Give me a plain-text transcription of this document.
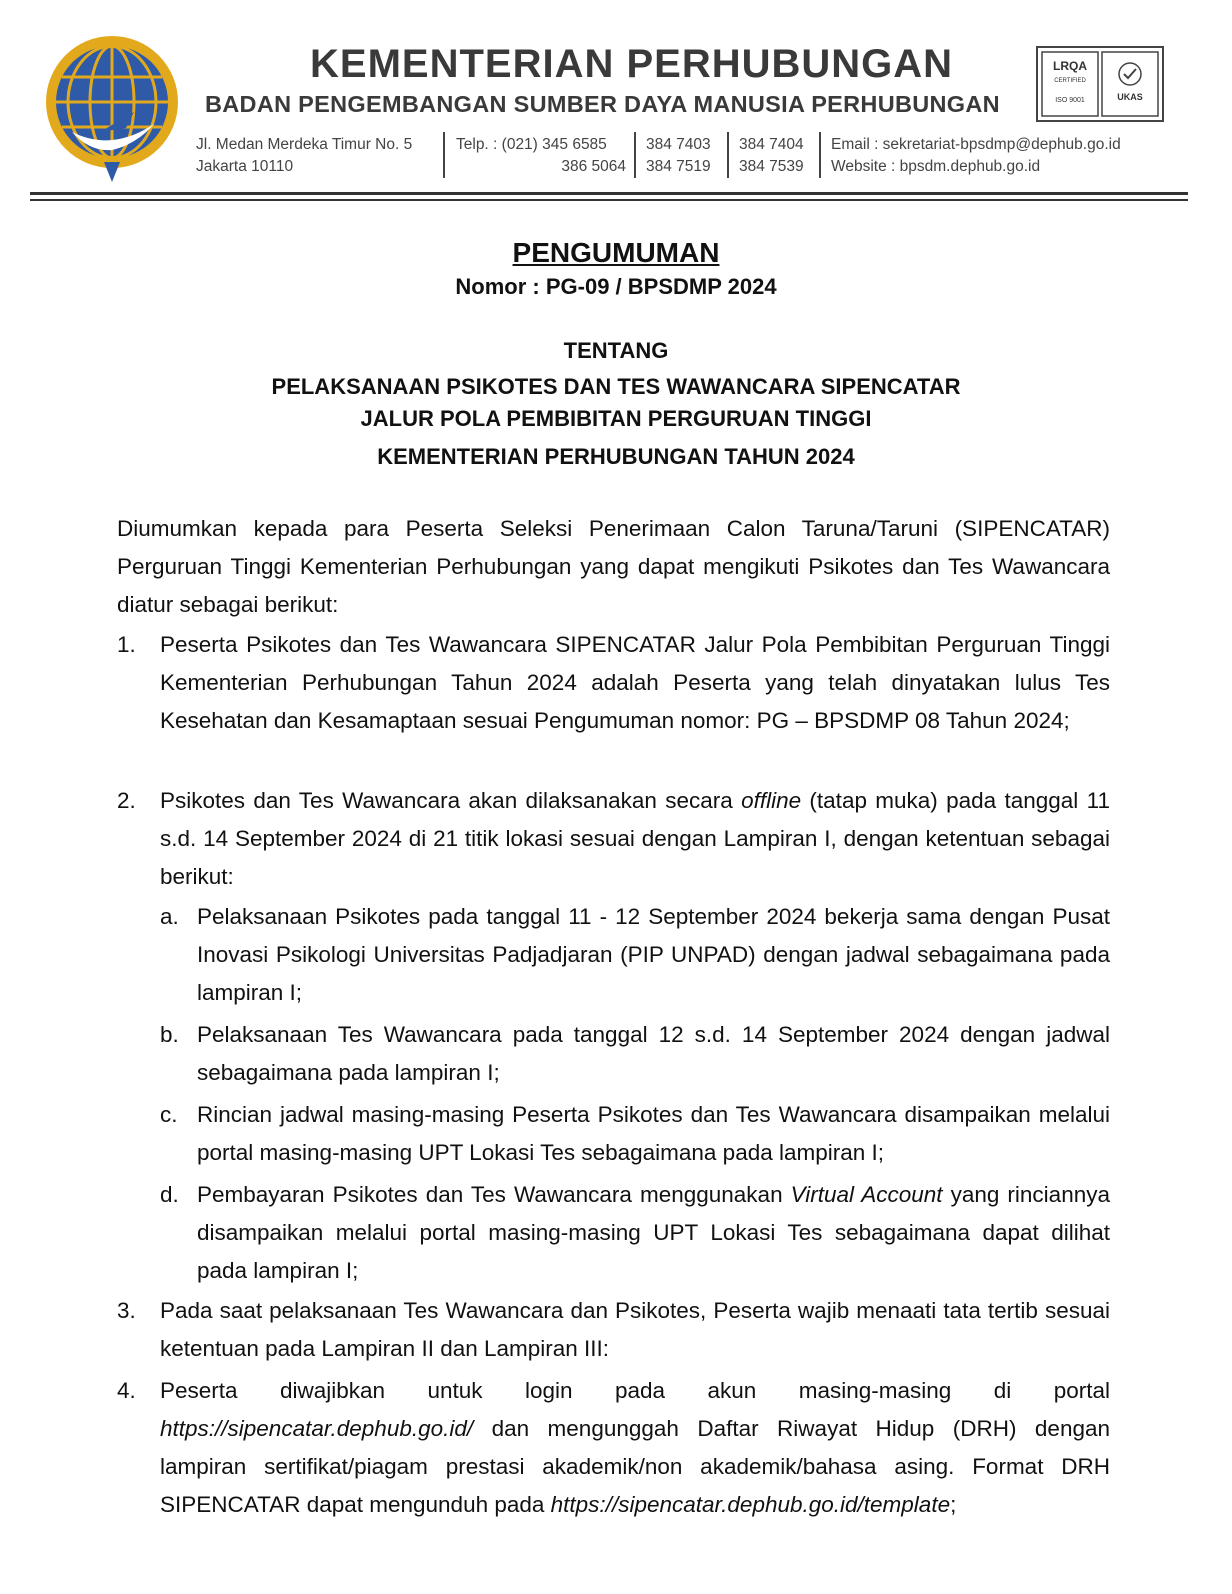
KEMENTERIAN PERHUBUNGAN
BADAN PENGEMBANGAN SUMBER DAYA MANUSIA PERHUBUNGAN
LRQA
CERTIFIED
ISO 9001	UKAS
Jl. Medan Merdeka Timur No. 5
Jakarta 10110
Telp. : (021) 345 6585
386 5064
384 7403
384 7519
384 7404
384 7539
Email : sekretariat-bpsdmp@dephub.go.id
Website : bpsdm.dephub.go.id
PENGUMUMAN
Nomor : PG-09 / BPSDMP 2024
TENTANG
PELAKSANAAN PSIKOTES DAN TES WAWANCARA SIPENCATAR
JALUR POLA PEMBIBITAN PERGURUAN TINGGI
KEMENTERIAN PERHUBUNGAN TAHUN 2024
Diumumkan kepada para Peserta Seleksi Penerimaan Calon Taruna/Taruni (SIPENCATAR) Perguruan Tinggi Kementerian Perhubungan yang dapat mengikuti Psikotes dan Tes Wawancara diatur sebagai berikut:
1. Peserta Psikotes dan Tes Wawancara SIPENCATAR Jalur Pola Pembibitan Perguruan Tinggi Kementerian Perhubungan Tahun 2024 adalah Peserta yang telah dinyatakan lulus Tes Kesehatan dan Kesamaptaan sesuai Pengumuman nomor: PG – BPSDMP 08 Tahun 2024;
2. Psikotes dan Tes Wawancara akan dilaksanakan secara offline (tatap muka) pada tanggal 11 s.d. 14 September 2024 di 21 titik lokasi sesuai dengan Lampiran I, dengan ketentuan sebagai berikut:
a. Pelaksanaan Psikotes pada tanggal 11 - 12 September 2024 bekerja sama dengan Pusat Inovasi Psikologi Universitas Padjadjaran (PIP UNPAD) dengan jadwal sebagaimana pada lampiran I;
b. Pelaksanaan Tes Wawancara pada tanggal 12 s.d. 14 September 2024 dengan jadwal sebagaimana pada lampiran I;
c. Rincian jadwal masing-masing Peserta Psikotes dan Tes Wawancara disampaikan melalui portal masing-masing UPT Lokasi Tes sebagaimana pada lampiran I;
d. Pembayaran Psikotes dan Tes Wawancara menggunakan Virtual Account yang rinciannya disampaikan melalui portal masing-masing UPT Lokasi Tes sebagaimana dapat dilihat pada lampiran I;
3. Pada saat pelaksanaan Tes Wawancara dan Psikotes, Peserta wajib menaati tata tertib sesuai ketentuan pada Lampiran II dan Lampiran III:
4. Peserta diwajibkan untuk login pada akun masing-masing di portal https://sipencatar.dephub.go.id/ dan mengunggah Daftar Riwayat Hidup (DRH) dengan lampiran sertifikat/piagam prestasi akademik/non akademik/bahasa asing. Format DRH SIPENCATAR dapat mengunduh pada https://sipencatar.dephub.go.id/template;
